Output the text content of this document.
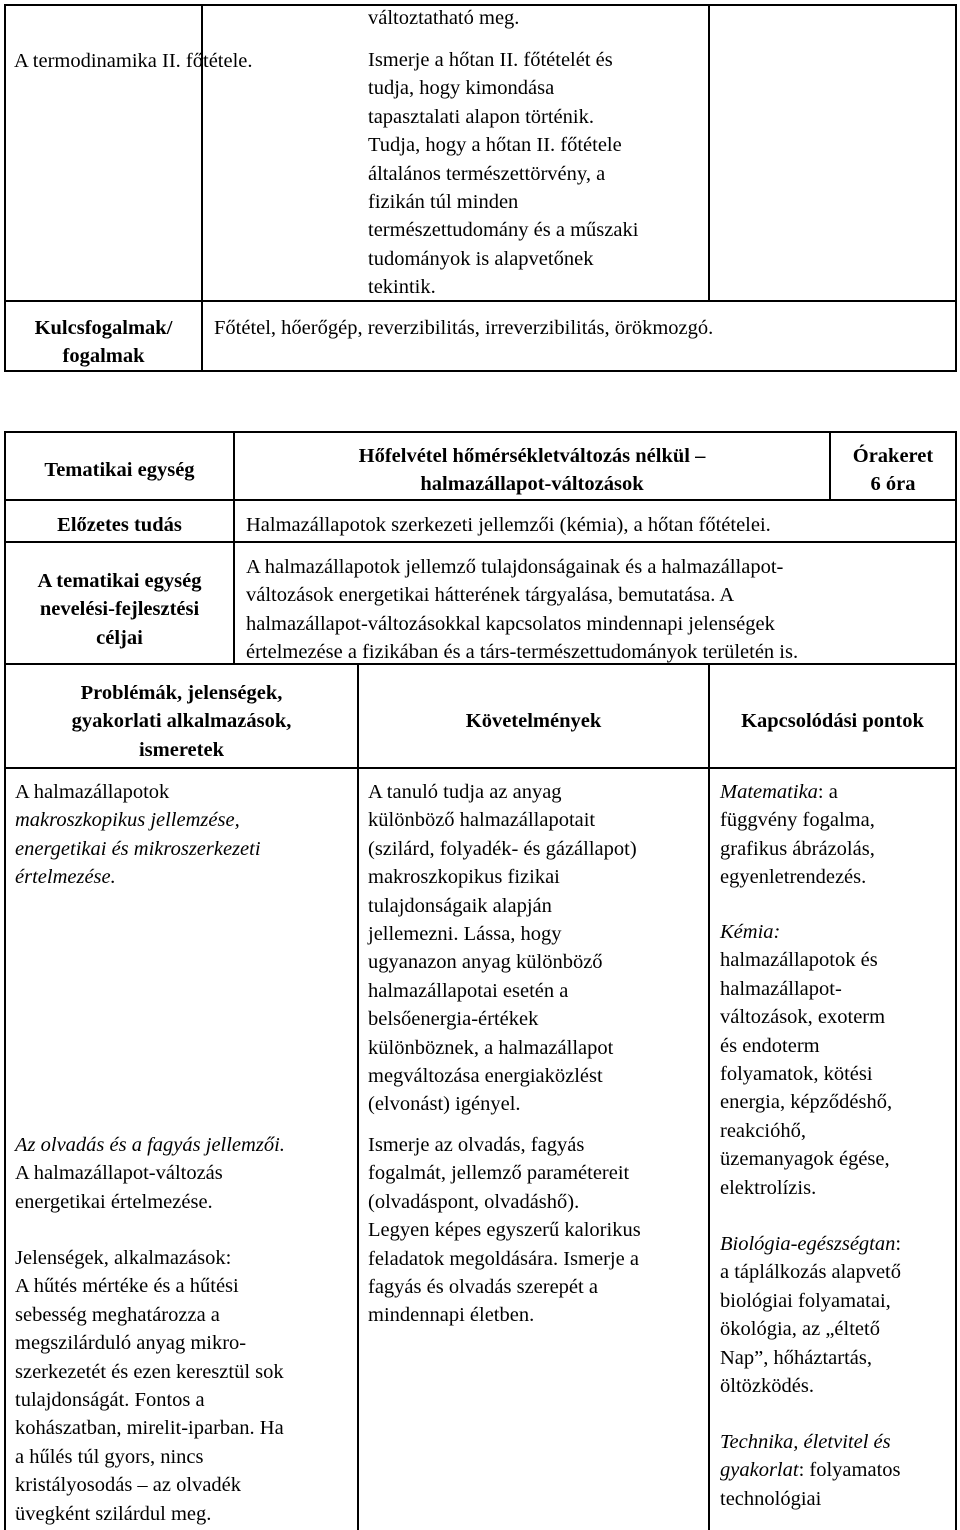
A termodinamika II. főtétele.
változtatható meg.
Ismerje a hőtan II. főtételét és
tudja, hogy kimondása
tapasztalati alapon történik.
Tudja, hogy a hőtan II. főtétele
általános természettörvény, a
fizikán túl minden
természettudomány és a műszaki
tudományok is alapvetőnek
tekintik.
Kulcsfogalmak/
fogalmak
Főtétel, hőerőgép, reverzibilitás, irreverzibilitás, örökmozgó.
Tematikai egység
Hőfelvétel hőmérsékletváltozás nélkül –
halmazállapot-változások
Órakeret
6 óra
Előzetes tudás	Halmazállapotok szerkezeti jellemzői (kémia), a hőtan főtételei.
A tematikai egység
nevelési-fejlesztési
céljai
A halmazállapotok jellemző tulajdonságainak és a halmazállapot-
változások energetikai hátterének tárgyalása, bemutatása. A
halmazállapot-változásokkal kapcsolatos mindennapi jelenségek
értelmezése a fizikában és a társ-természettudományok területén is.
Problémák, jelenségek,
gyakorlati alkalmazások,
ismeretek
Követelmények	Kapcsolódási pontok
A halmazállapotok
makroszkopikus jellemzése,
energetikai és mikroszerkezeti
értelmezése.
Az olvadás és a fagyás jellemzői.
A halmazállapot-változás
energetikai értelmezése.
Jelenségek, alkalmazások:
A hűtés mértéke és a hűtési
sebesség meghatározza a
megszilárduló anyag mikro-
szerkezetét és ezen keresztül sok
tulajdonságát. Fontos a
kohászatban, mirelit-iparban. Ha
a hűlés túl gyors, nincs
kristályosodás – az olvadék
üvegként szilárdul meg.
A tanuló tudja az anyag
különböző halmazállapotait
(szilárd, folyadék- és gázállapot)
makroszkopikus fizikai
tulajdonságaik alapján
jellemezni. Lássa, hogy
ugyanazon anyag különböző
halmazállapotai esetén a
belsőenergia-értékek
különböznek, a halmazállapot
megváltozása energiaközlést
(elvonást) igényel.
Ismerje az olvadás, fagyás
fogalmát, jellemző paramétereit
(olvadáspont, olvadáshő).
Legyen képes egyszerű kalorikus
feladatok megoldására. Ismerje a
fagyás és olvadás szerepét a
mindennapi életben.
Matematika: a
függvény fogalma,
grafikus ábrázolás,
egyenletrendezés.
Kémia:
halmazállapotok és
halmazállapot-
változások, exoterm
és endoterm
folyamatok, kötési
energia, képződéshő,
reakcióhő,
üzemanyagok égése,
elektrolízis.
Biológia-egészségtan:
a táplálkozás alapvető
biológiai folyamatai,
ökológia, az „éltető
Nap”, hőháztartás,
öltözködés.
Technika, életvitel és
gyakorlat: folyamatos
technológiai
